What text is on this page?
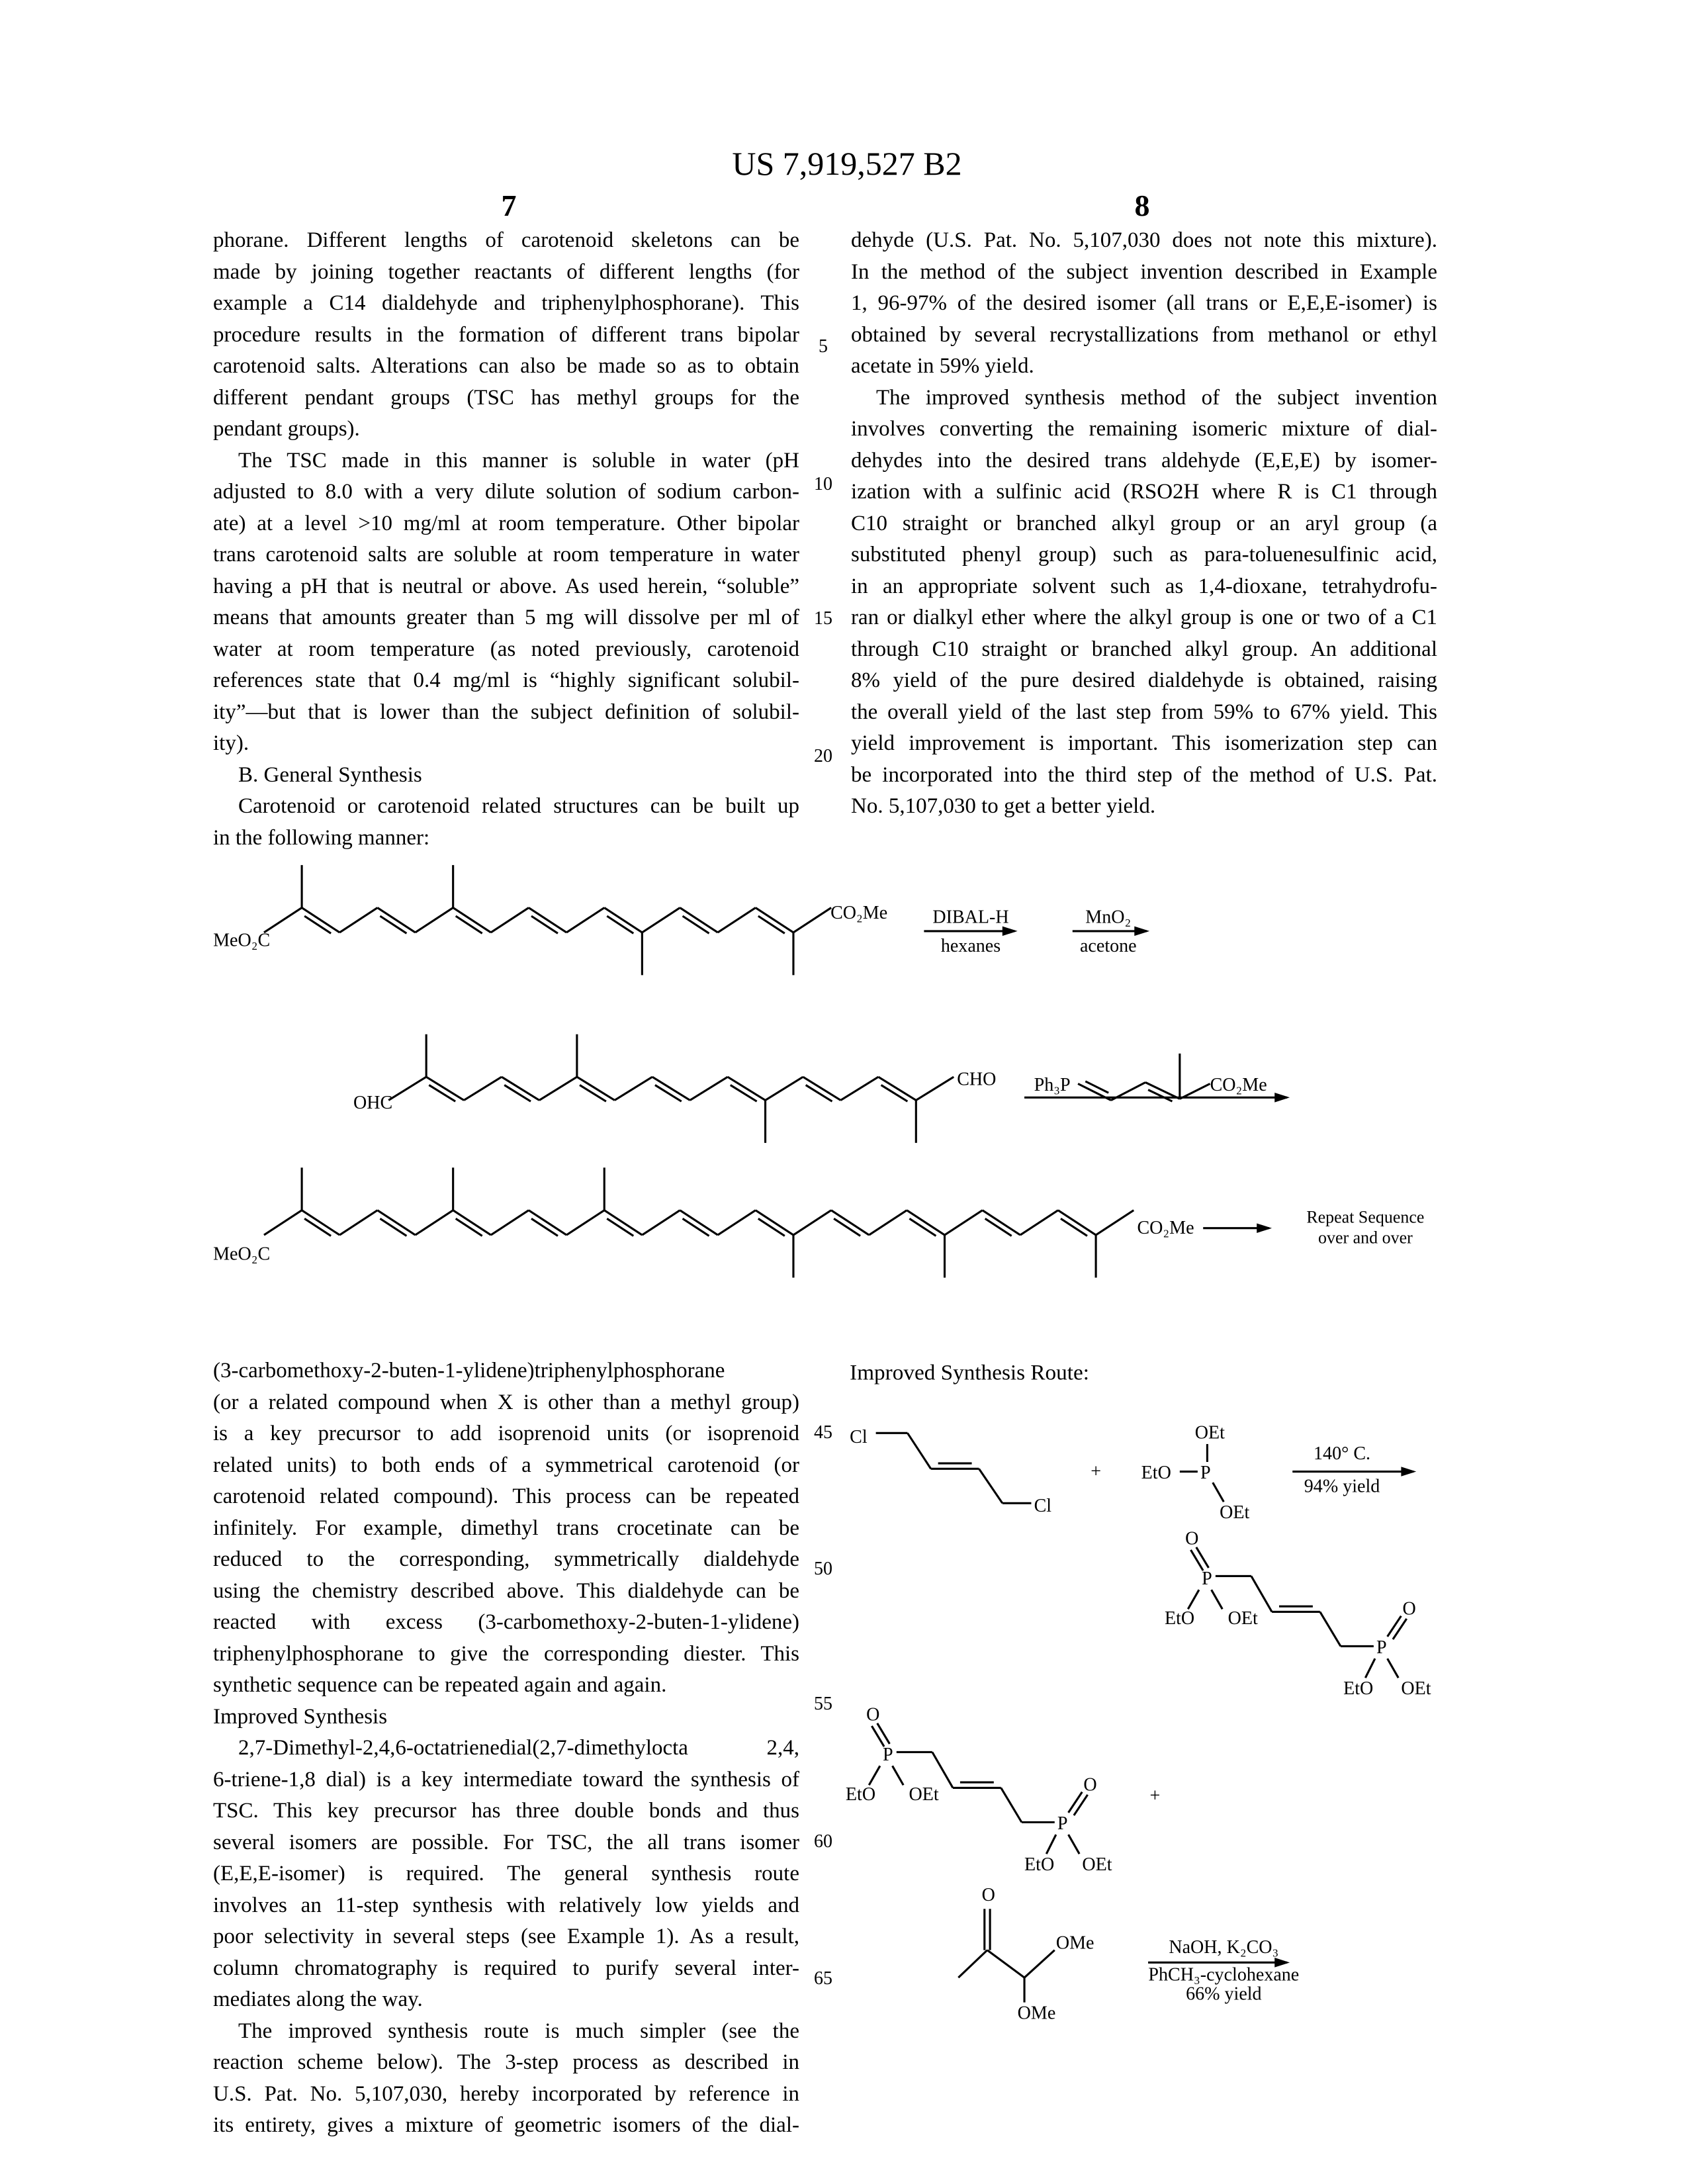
US 7,919,527 B2
7	8
phorane. Different lengths of carotenoid skeletons can be
made by joining together reactants of different lengths (for
example a C14 dialdehyde and triphenylphosphorane). This
procedure results in the formation of different trans bipolar
carotenoid salts. Alterations can also be made so as to obtain
different pendant groups (TSC has methyl groups for the
pendant groups).
The TSC made in this manner is soluble in water (pH
adjusted to 8.0 with a very dilute solution of sodium carbon-
ate) at a level >10 mg/ml at room temperature. Other bipolar
trans carotenoid salts are soluble at room temperature in water
having a pH that is neutral or above. As used herein, “soluble”
means that amounts greater than 5 mg will dissolve per ml of
water at room temperature (as noted previously, carotenoid
references state that 0.4 mg/ml is “highly significant solubil-
ity”—but that is lower than the subject definition of solubil-
ity).
B. General Synthesis
Carotenoid or carotenoid related structures can be built up
in the following manner:
dehyde (U.S. Pat. No. 5,107,030 does not note this mixture).
In the method of the subject invention described in Example
1, 96-97% of the desired isomer (all trans or E,E,E-isomer) is
obtained by several recrystallizations from methanol or ethyl
acetate in 59% yield.
The improved synthesis method of the subject invention
involves converting the remaining isomeric mixture of dial-
dehydes into the desired trans aldehyde (E,E,E) by isomer-
ization with a sulfinic acid (RSO2H where R is C1 through
C10 straight or branched alkyl group or an aryl group (a
substituted phenyl group) such as para-toluenesulfinic acid,
in an appropriate solvent such as 1,4-dioxane, tetrahydrofu-
ran or dialkyl ether where the alkyl group is one or two of a C1
through C10 straight or branched alkyl group. An additional
8% yield of the pure desired dialdehyde is obtained, raising
the overall yield of the last step from 59% to 67% yield. This
yield improvement is important. This isomerization step can
be incorporated into the third step of the method of U.S. Pat.
No. 5,107,030 to get a better yield.
(3-carbomethoxy-2-buten-1-ylidene)triphenylphosphorane
(or a related compound when X is other than a methyl group)
is a key precursor to add isoprenoid units (or isoprenoid
related units) to both ends of a symmetrical carotenoid (or
carotenoid related compound). This process can be repeated
infinitely. For example, dimethyl trans crocetinate can be
reduced to the corresponding, symmetrically dialdehyde
using the chemistry described above. This dialdehyde can be
reacted with excess (3-carbomethoxy-2-buten-1-ylidene)
triphenylphosphorane to give the corresponding diester. This
synthetic sequence can be repeated again and again.
Improved Synthesis
2,7-Dimethyl-2,4,6-octatrienedial(2,7-dimethylocta 2,4,
6-triene-1,8 dial) is a key intermediate toward the synthesis of
TSC. This key precursor has three double bonds and thus
several isomers are possible. For TSC, the all trans isomer
(E,E,E-isomer) is required. The general synthesis route
involves an 11-step synthesis with relatively low yields and
poor selectivity in several steps (see Example 1). As a result,
column chromatography is required to purify several inter-
mediates along the way.
The improved synthesis route is much simpler (see the
reaction scheme below). The 3-step process as described in
U.S. Pat. No. 5,107,030, hereby incorporated by reference in
its entirety, gives a mixture of geometric isomers of the dial-
5
10
15
20
45
50
55
60
65
MeO₂C
CO₂Me	DIBAL-H
hexanes
MnO₂
acetone
OHC
CHO	Ph₃P	CO₂Me
MeO₂C
CO₂Me
Repeat Sequence
over and over
Improved Synthesis Route:
Cl
Cl
+
OEt
EtO	P
OEt
140° C.
94% yield
O
P
EtO	OEt
P
O
EtO	OEt
O
P
EtO	OEt
P
O
EtO	OEt
+
O
OMe
OMe
NaOH, K₂CO₃
PhCH₃-cyclohexane
66% yield
